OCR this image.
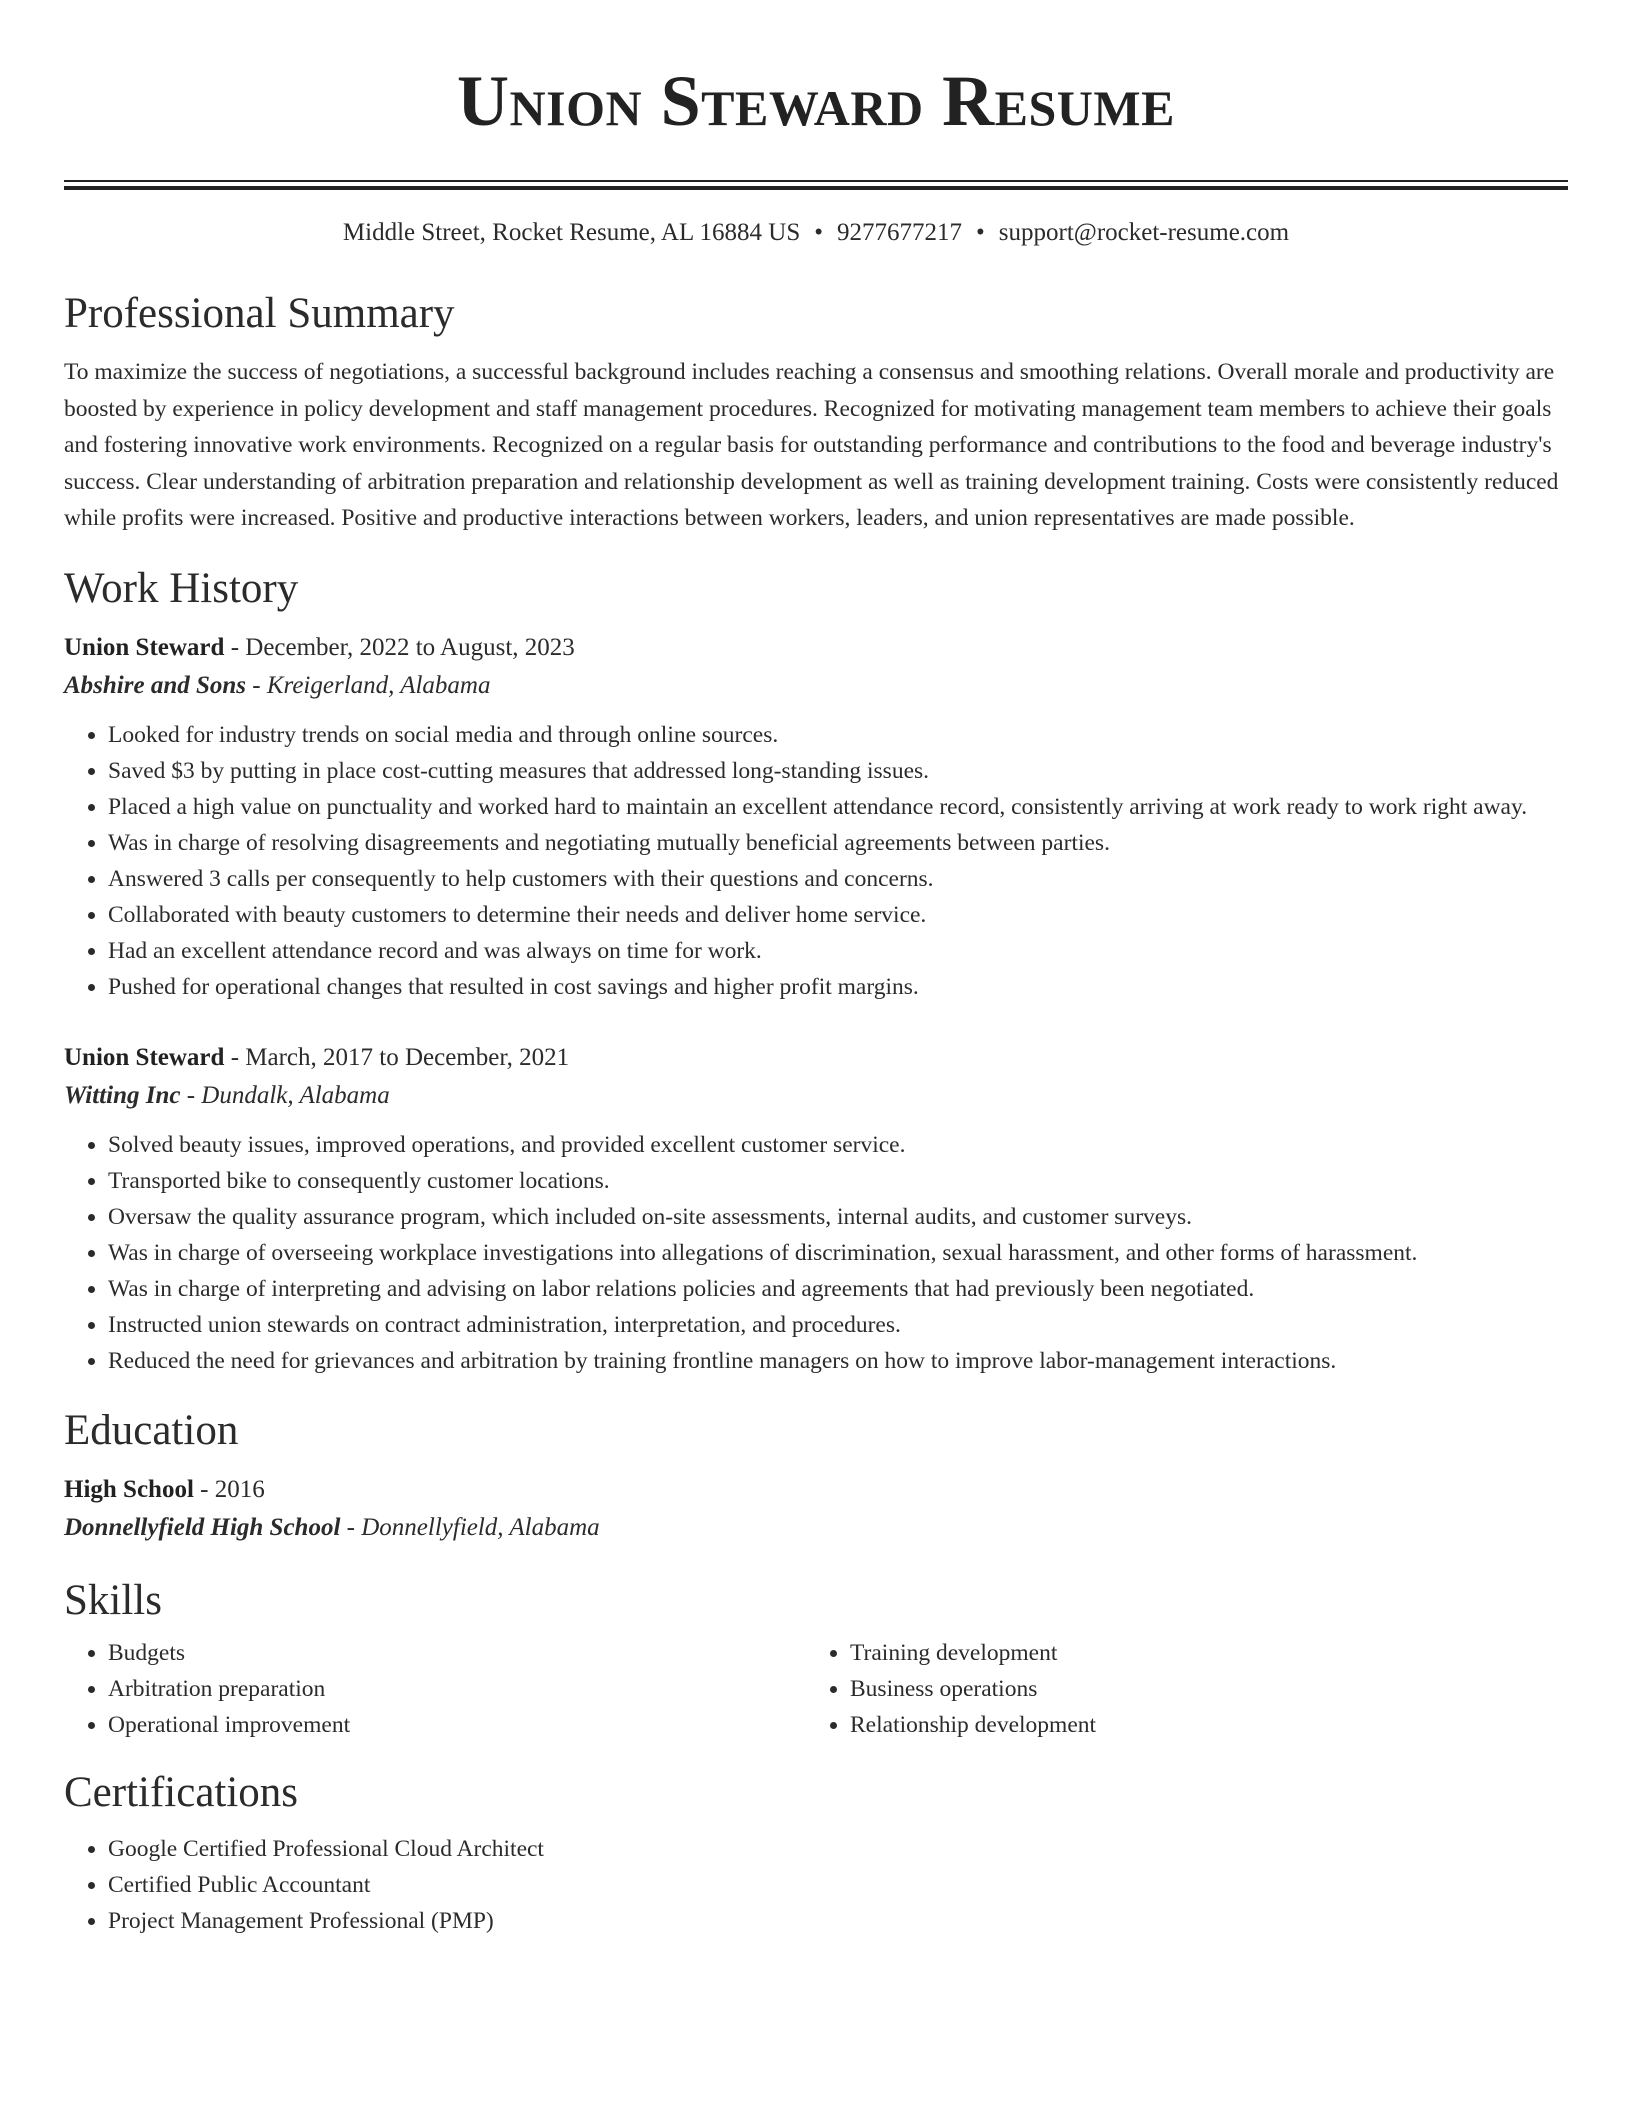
Union Steward Resume
Middle Street, Rocket Resume, AL 16884 US • 9277677217 • support@rocket-resume.com
Professional Summary

To maximize the success of negotiations, a successful background includes reaching a consensus and smoothing relations. Overall morale and productivity are boosted by experience in policy development and staff management procedures. Recognized for motivating management team members to achieve their goals and fostering innovative work environments. Recognized on a regular basis for outstanding performance and contributions to the food and beverage industry's success. Clear understanding of arbitration preparation and relationship development as well as training development training. Costs were consistently reduced while profits were increased. Positive and productive interactions between workers, leaders, and union representatives are made possible.

Work History
Union Steward - December, 2022 to August, 2023
Abshire and Sons - Kreigerland, Alabama
• Looked for industry trends on social media and through online sources.
• Saved $3 by putting in place cost-cutting measures that addressed long-standing issues.
• Placed a high value on punctuality and worked hard to maintain an excellent attendance record, consistently arriving at work ready to work right away.
• Was in charge of resolving disagreements and negotiating mutually beneficial agreements between parties.
• Answered 3 calls per consequently to help customers with their questions and concerns.
• Collaborated with beauty customers to determine their needs and deliver home service.
• Had an excellent attendance record and was always on time for work.
• Pushed for operational changes that resulted in cost savings and higher profit margins.
Union Steward - March, 2017 to December, 2021
Witting Inc - Dundalk, Alabama
• Solved beauty issues, improved operations, and provided excellent customer service.
• Transported bike to consequently customer locations.
• Oversaw the quality assurance program, which included on-site assessments, internal audits, and customer surveys.
• Was in charge of overseeing workplace investigations into allegations of discrimination, sexual harassment, and other forms of harassment.
• Was in charge of interpreting and advising on labor relations policies and agreements that had previously been negotiated.
• Instructed union stewards on contract administration, interpretation, and procedures.
• Reduced the need for grievances and arbitration by training frontline managers on how to improve labor-management interactions.
Education
High School - 2016
Donnellyfield High School - Donnellyfield, Alabama
Skills
• Budgets
• Arbitration preparation
• Operational improvement
• Training development
• Business operations
• Relationship development
Certifications
• Google Certified Professional Cloud Architect
• Certified Public Accountant
• Project Management Professional (PMP)
